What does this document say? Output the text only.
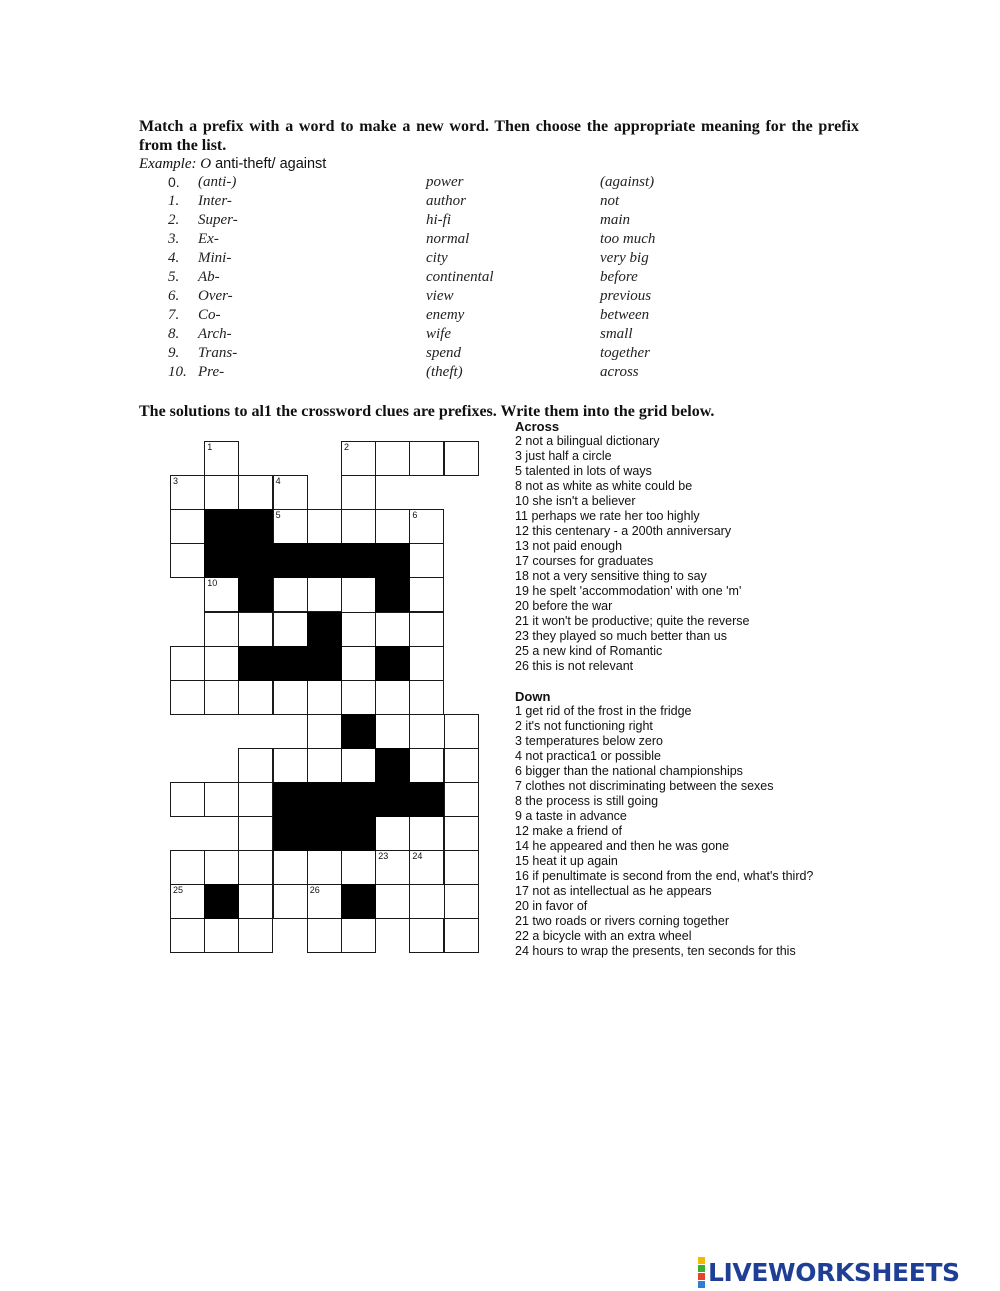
Match a prefix with a word to make a new word. Then choose the appropriate meaning for the prefix from the list.
Example: O anti-theft/ against
0. (anti-)	power	(against)
1. Inter-	author	not
2. Super-	hi-fi	main
3. Ex-	normal	too much
4. Mini-	city	very big
5. Ab-	continental	before
6. Over-	view	previous
7. Co-	enemy	between
8. Arch-	wife	small
9. Trans-	spend	together
10. Pre-	(theft)	across
The solutions to al1 the crossword clues are prefixes. Write them into the grid below.
1	2
3	4
5	6
10
23	24
25	26
Across
2 not a bilingual dictionary
3 just half a circle
5 talented in lots of ways
8 not as white as white could be
10 she isn't a believer
11 perhaps we rate her too highly
12 this centenary - a 200th anniversary
13 not paid enough
17 courses for graduates
18 not a very sensitive thing to say
19 he spelt 'accommodation' with one 'm'
20 before the war
21 it won't be productive; quite the reverse
23 they played so much better than us
25 a new kind of Romantic
26 this is not relevant
Down
1 get rid of the frost in the fridge
2 it's not functioning right
3 temperatures below zero
4 not practica1 or possible
6 bigger than the national championships
7 clothes not discriminating between the sexes
8 the process is still going
9 a taste in advance
12 make a friend of
14 he appeared and then he was gone
15 heat it up again
16 if penultimate is second from the end, what's third?
17 not as intellectual as he appears
20 in favor of
21 two roads or rivers corning together
22 a bicycle with an extra wheel
24 hours to wrap the presents, ten seconds for this
LIVEWORKSHEETS
